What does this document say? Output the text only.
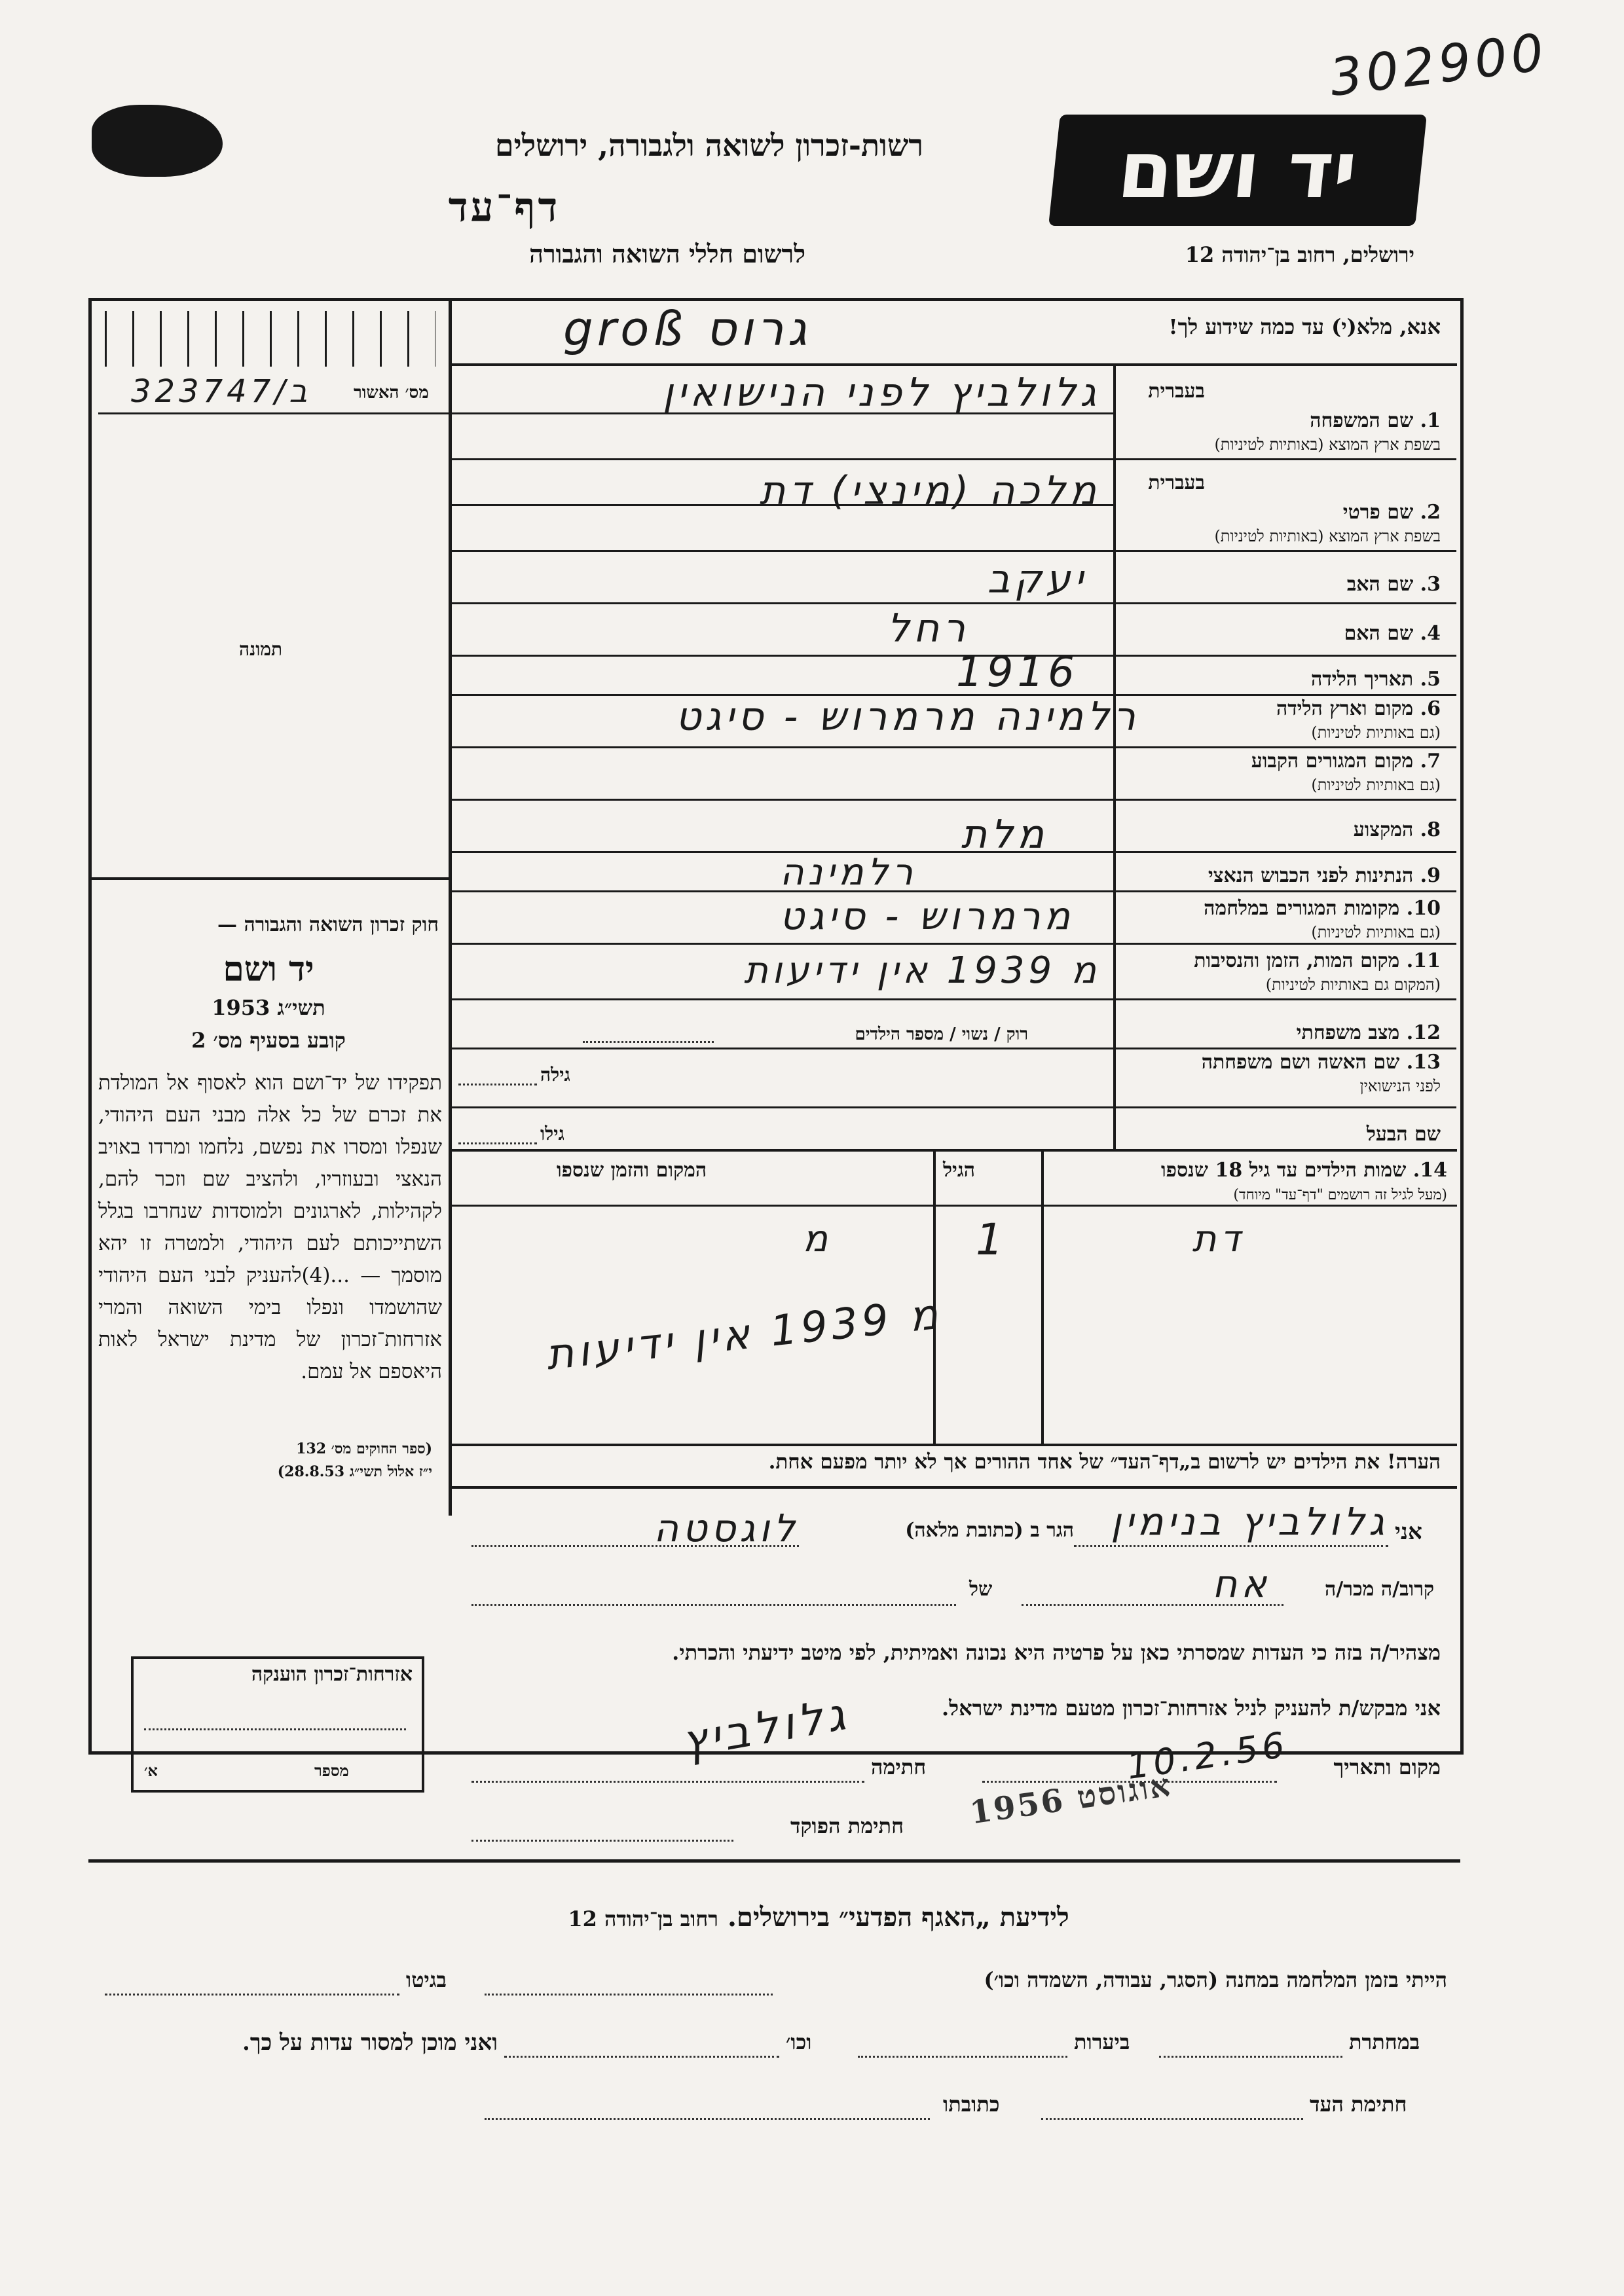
302900
יד ושם
רשות-זכרון לשואה ולגבורה, ירושלים
דף־עד
לרשום חללי השואה והגבורה	ירושלים, רחוב בן־יהודה 12
323747/ב מס׳ האשור
תמונה
חוק זכרון השואה והגבורה —
יד ושם
תשי״ג 1953
קובע בסעיף מס׳ 2
תפקידו של יד־ושם הוא לאסוף אל המולדת את זכרם של כל אלה מבני העם היהודי, שנפלו ומסרו את נפשם, נלחמו ומרדו באויב הנאצי ובעוזריו, ולהציב שם וזכר להם, לקהילות, לארגונים ולמוסדות שנחרבו בגלל השתייכותם לעם היהודי, ולמטרה זו יהא מוסמך — ...(4)להעניק לבני העם היהודי שהושמדו ונפלו בימי השואה והמרי אזרחות־זכרון של מדינת ישראל לאות היאספם אל עמם.
(ספר החוקים מס׳ 132
י״ז אלול תשי״ג 28.8.53)
אנא, מלא(י) עד כמה שידוע לך!
groß גרוס
בעברית
1. שם המשפחה
בשפת ארץ המוצא (באותיות לטיניות)
בעברית
2. שם פרטי
בשפת ארץ המוצא (באותיות לטיניות)
3. שם האב
4. שם האם
5. תאריך הלידה
6. מקום וארץ הלידה
(גם באותיות לטיניות)
7. מקום המגורים הקבוע
(גם באותיות לטיניות)
8. המקצוע
9. הנתינות לפני הכבוש הנאצי
10. מקומות המגורים במלחמה
(גם באותיות לטיניות)
11. מקום המות, הזמן והנסיבות
(המקום גם באותיות לטיניות)
12. מצב משפחתי
13. שם האשה ושם משפחתה
לפני הנישואין
שם הבעל
גלולביץ לפני הנישואין
מלכה (מינצי) דת
יעקב
רחל
1916
רלמינה מרמרוש - סיגט
מלת
רלמינה
מרמרוש - סיגט
מ 1939 אין ידיעות
רוק / נשוי / מספר הילדים
גילה
גילו
14. שמות הילדים עד גיל 18 שנספו
(מעל לגיל זה רושמים "דף־עד" מיוחד)
הגיל
המקום והזמן שנספו
דת
1
מ
מ 1939 אין ידיעות
הערה! את הילדים יש לרשום ב„דף־העד״ של אחד ההורים אך לא יותר מפעם אחת.
אני
גלולביץ בנימין
הגר ב (כתובת מלאה)
לוגסטה
קרוב/ה מכר/ה
אח
של
מצהיר/ה בזה כי העדות שמסרתי כאן על פרטיה היא נכונה ואמיתית, לפי מיטב ידיעתי והכרתי.
אני מבקש/ת להעניק לניל אזרחות־זכרון מטעם מדינת ישראל.
מקום ותאריך
10.2.56
חתימה
גלולביץ
1956 אוגוסט
חתימת הפוקד
אזרחות־זכרון הוענקה
מספר
א׳
לידיעת „האגף הפדעי״ בירושלים. רחוב בן־יהודה 12
הייתי בזמן המלחמה במחנה (הסגר, עבודה, השמדה וכו׳)
בגיטו
במחתרת
ביערות
וכו׳
ואני מוכן למסור עדות על כך.
חתימת העד
כתובתו
